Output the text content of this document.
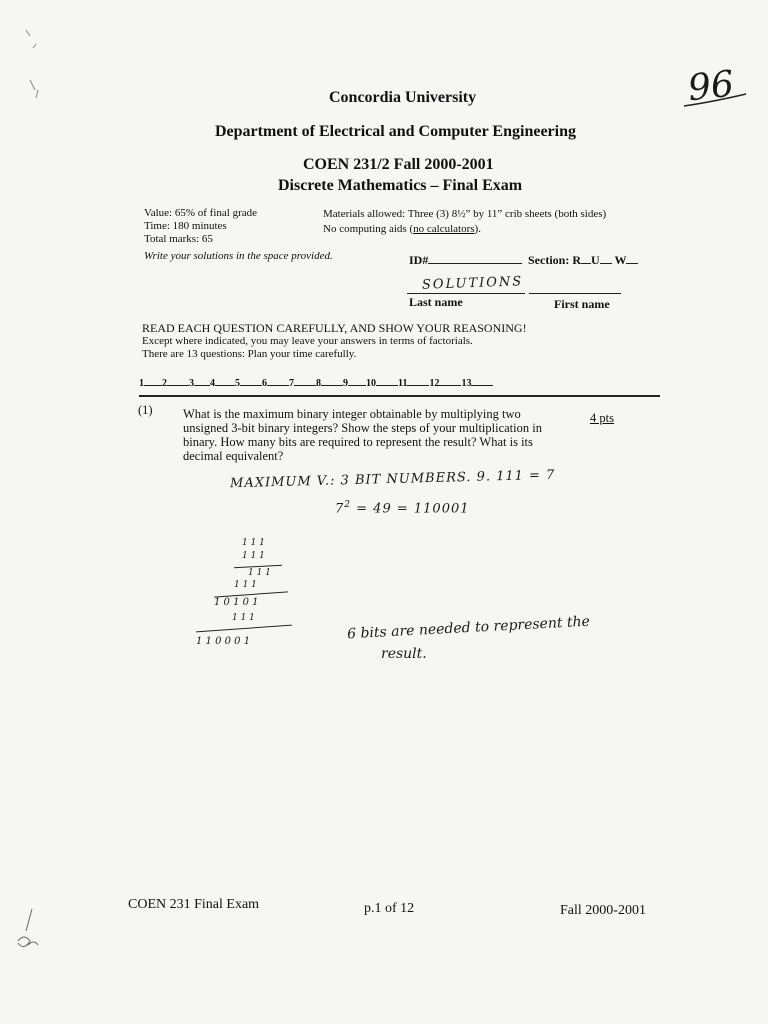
96
Concordia University
Department of Electrical and Computer Engineering
COEN 231/2 Fall 2000-2001
Discrete Mathematics – Final Exam
Value: 65% of final grade
Time: 180 minutes
Total marks: 65
Write your solutions in the space provided.
Materials allowed: Three (3) 8½” by 11” crib sheets (both sides)
No computing aids (no calculators).
ID#	Section: R U W
SOLUTIONS
Last name	First name
READ EACH QUESTION CAREFULLY, AND SHOW YOUR REASONING!
Except where indicated, you may leave your answers in terms of factorials.
There are 13 questions: Plan your time carefully.
1 2 3 4 5 6 7 8 9 10 11 12 13
(1) What is the maximum binary integer obtainable by multiplying two
unsigned 3-bit binary integers? Show the steps of your multiplication in
binary. How many bits are required to represent the result? What is its
decimal equivalent?
4 pts
MAXIMUM V.: 3 BIT NUMBERS. 9. 111 = 7
$7^2 = 49 = 110001$
1 1 1
1 1 1
1 1 1
1 1 1
1 0 1 0 1
1 1 1
1 1 0 0 0 1	6 bits are needed to represent the
result.
COEN 231 Final Exam	p.1 of 12	Fall 2000-2001
